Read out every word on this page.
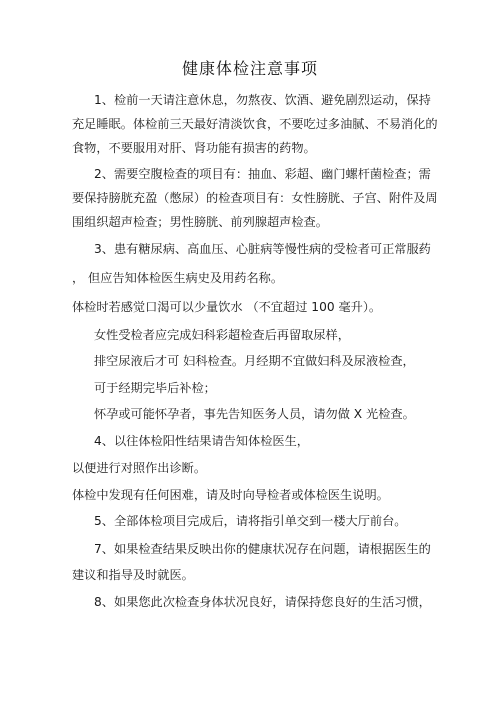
健康体检注意事项
1、检前一天请注意休息，勿熬夜、饮酒、避免剧烈运动，保持
充足睡眠。体检前三天最好清淡饮食，不要吃过多油腻、不易消化的
食物，不要服用对肝、肾功能有损害的药物。
2、需要空腹检查的项目有：抽血、彩超、幽门螺杆菌检查；需
要保持膀胱充盈（憋尿）的检查项目有：女性膀胱、子宫、附件及周
围组织超声检查；男性膀胱、前列腺超声检查。
3、患有糖尿病、高血压、心脏病等慢性病的受检者可正常服药
， 但应告知体检医生病史及用药名称。
体检时若感觉口渴可以少量饮水 （不宜超过 100 毫升）。
女性受检者应完成妇科彩超检查后再留取尿样，
排空尿液后才可 妇科检查。月经期不宜做妇科及尿液检查，
可于经期完毕后补检；
怀孕或可能怀孕者，事先告知医务人员，请勿做 X 光检查。
4、以往体检阳性结果请告知体检医生，
以便进行对照作出诊断。
体检中发现有任何困难，请及时向导检者或体检医生说明。
5、全部体检项目完成后，请将指引单交到一楼大厅前台。
7、如果检查结果反映出你的健康状况存在问题，请根据医生的
建议和指导及时就医。
8、如果您此次检查身体状况良好，请保持您良好的生活习惯，
